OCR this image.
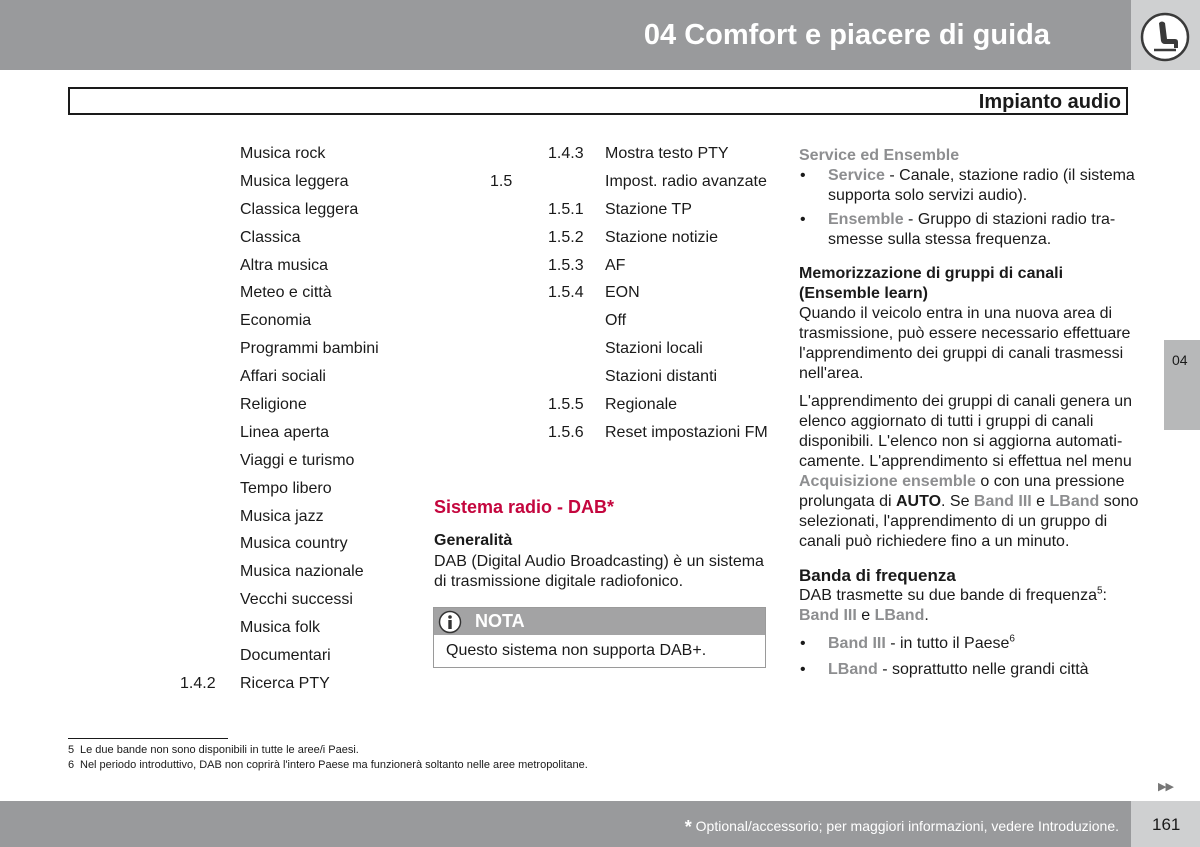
04 Comfort e piacere di guida
Impianto audio
Musica rock
Musica leggera
Classica leggera
Classica
Altra musica
Meteo e città
Economia
Programmi bambini
Affari sociali
Religione
Linea aperta
Viaggi e turismo
Tempo libero
Musica jazz
Musica country
Musica nazionale
Vecchi successi
Musica folk
Documentari
1.4.2 Ricerca PTY
1.4.3 Mostra testo PTY
1.5	Impost. radio avanzate
1.5.1 Stazione TP
1.5.2 Stazione notizie
1.5.3 AF
1.5.4 EON
Off
Stazioni locali
Stazioni distanti
1.5.5 Regionale
1.5.6 Reset impostazioni FM
Sistema radio - DAB*
Generalità
DAB (Digital Audio Broadcasting) è un sistema di trasmissione digitale radiofonico.
NOTA
Questo sistema non supporta DAB+.

Service ed Ensemble

• Service - Canale, stazione radio (il sistema supporta solo servizi audio).
• Ensemble - Gruppo di stazioni radio trasmesse sulla stessa frequenza.

Memorizzazione di gruppi di canali (Ensemble learn)

Quando il veicolo entra in una nuova area di trasmissione, può essere necessario effettuare l'apprendimento dei gruppi di canali trasmessi nell'area.

L'apprendimento dei gruppi di canali genera un elenco aggiornato di tutti i gruppi di canali disponibili. L'elenco non si aggiorna automaticamente. L'apprendimento si effettua nel menu Acquisizione ensemble o con una pressione prolungata di AUTO. Se Band III e LBand sono selezionati, l'apprendimento di un gruppo di canali può richiedere fino a un minuto.

Banda di frequenza

DAB trasmette su due bande di frequenza$^5$:
Band III e LBand.

• Band III - in tutto il Paese$^6$
• LBand - soprattutto nelle grandi città
04
5 Le due bande non sono disponibili in tutte le aree/i Paesi.
6 Nel periodo introduttivo, DAB non coprirà l'intero Paese ma funzionerà soltanto nelle aree metropolitane.
▶▶
* Optional/accessorio; per maggiori informazioni, vedere Introduzione. 161
